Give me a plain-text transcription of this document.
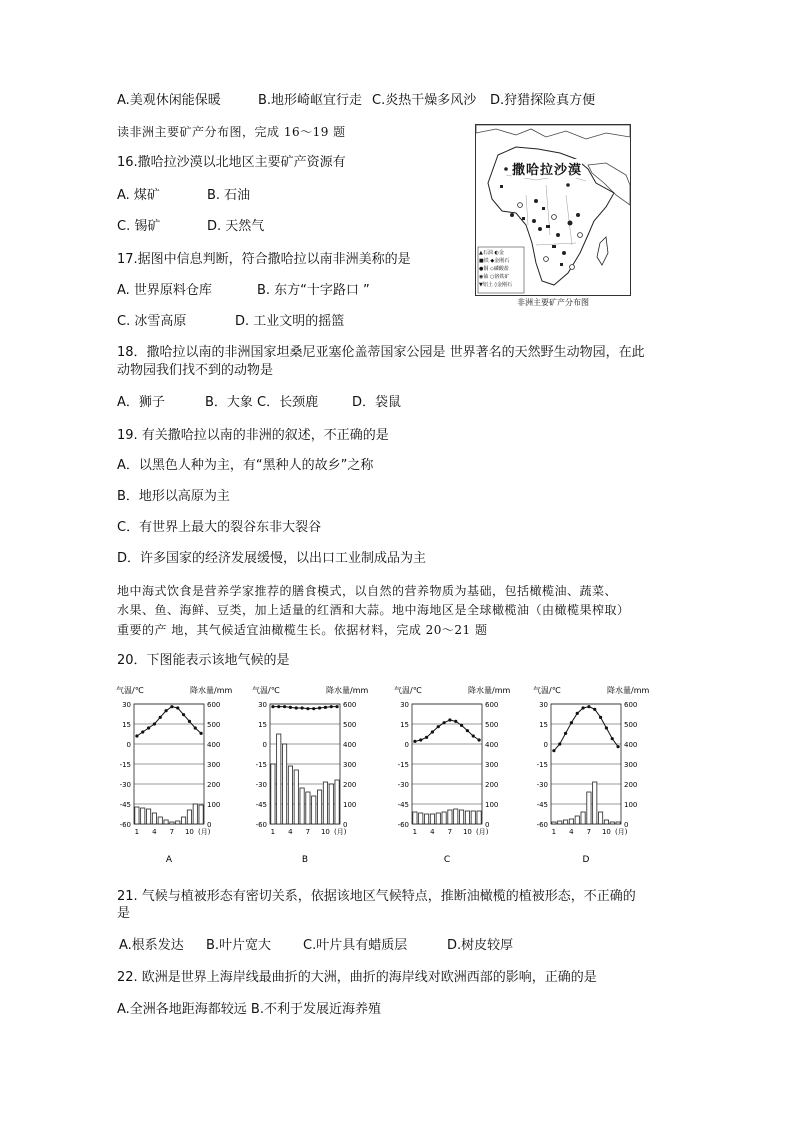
A.美观休闲能保暖	B.地形崎岖宜行走 C.炎热干燥多风沙 D.狩猎探险真方便
读非洲主要矿产分布图，完成 16～19 题
16.撒哈拉沙漠以北地区主要矿产资源有
A. 煤矿	B. 石油
C. 锡矿	D. 天然气
17.据图中信息判断，符合撒哈拉以南非洲美称的是
A. 世界原料仓库	B. 东方“十字路口 ”
C. 冰雪高原	D. 工业文明的摇篮
撒哈拉沙漠
▲石油 ◐金
■铁 ◆金刚石
●铜 ◇磷酸盐
◉铀 ○铬铁矿
▼铝土 ◊金刚石
非洲主要矿产分布图
18．撒哈拉以南的非洲国家坦桑尼亚塞伦盖蒂国家公园是 世界著名的天然野生动物园，在此
动物园我们找不到的动物是
A．狮子	B．大象 C．长颈鹿	D．袋鼠
19. 有关撒哈拉以南的非洲的叙述，不正确的是
A．以黑色人种为主，有“黑种人的故乡”之称
B．地形以高原为主
C．有世界上最大的裂谷东非大裂谷
D．许多国家的经济发展缓慢，以出口工业制成品为主
地中海式饮食是营养学家推荐的膳食模式，以自然的营养物质为基础，包括橄榄油、蔬菜、
水果、鱼、海鲜、豆类，加上适量的红酒和大蒜。地中海地区是全球橄榄油（由橄榄果榨取）
重要的产 地，其气候适宜油橄榄生长。依据材料，完成 20～21 题
20．下图能表示该地气候的是
气温/℃	降水量/mm
30	600
15	500
0	400
-15	300
-30	200
-45	100
-60	0
1 4 7 10 (月)
A
气温/℃	降水量/mm
30	600
15	500
0	400
-15	300
-30	200
-45	100
-60	0
1 4 7 10 (月)
B
气温/℃	降水量/mm
30	600
15	500
0	400
-15	300
-30	200
-45	100
-60	0
1 4 7 10 (月)
C
气温/℃	降水量/mm
30	600
15	500
0	400
-15	300
-30	200
-45	100
-60	0
1 4 7 10 (月)
D
21. 气候与植被形态有密切关系，依据该地区气候特点，推断油橄榄的植被形态，不正确的
是
A.根系发达 B.叶片宽大 C.叶片具有蜡质层	D.树皮较厚
22. 欧洲是世界上海岸线最曲折的大洲，曲折的海岸线对欧洲西部的影响，正确的是
A.全洲各地距海都较远 B.不利于发展近海养殖
